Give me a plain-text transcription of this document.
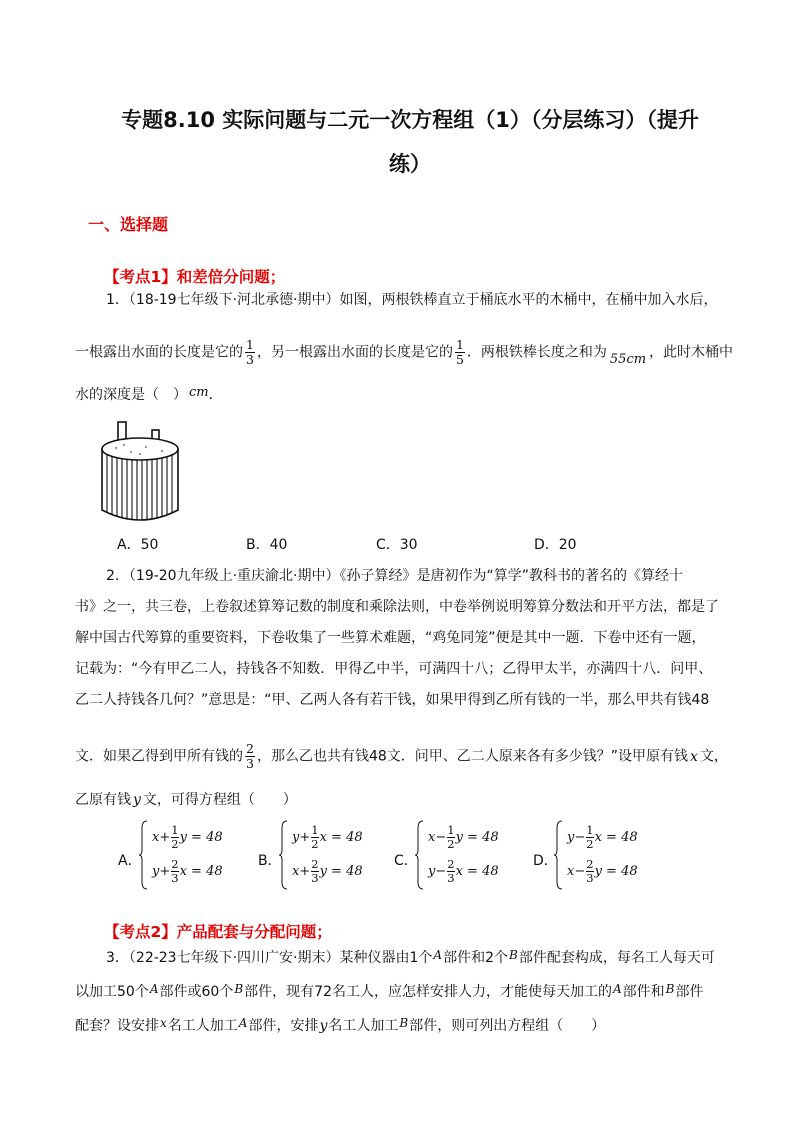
专题8.10 实际问题与二元一次方程组（1）（分层练习）（提升
练）
一、选择题
【考点1】和差倍分问题；
1．（18-19七年级下·河北承德·期中）如图，两根铁棒直立于桶底水平的木桶中，在桶中加入水后，
一根露出水面的长度是它的 $\frac{1}{3}$ ，另一根露出水面的长度是它的 $\frac{1}{5}$ ．两根铁棒长度之和为 55cm ，此时木桶中
水的深度是（　） cm．
A．50	B．40	C．30	D．20
2．（19-20九年级上·重庆渝北·期中）《孙子算经》是唐初作为“算学”教科书的著名的《算经十
书》之一，共三卷，上卷叙述算筹记数的制度和乘除法则，中卷举例说明筹算分数法和开平方法，都是了
解中国古代筹算的重要资料，下卷收集了一些算术难题，“鸡兔同笼”便是其中一题．下卷中还有一题，
记载为：“今有甲乙二人，持钱各不知数．甲得乙中半，可满四十八；乙得甲太半，亦满四十八．问甲、
乙二人持钱各几何？”意思是：“甲、乙两人各有若干钱，如果甲得到乙所有钱的一半，那么甲共有钱48
文．如果乙得到甲所有钱的 $\frac{2}{3}$ ，那么乙也共有钱48文．问甲、乙二人原来各有多少钱？”设甲原有钱 x 文，
乙原有钱 y 文，可得方程组（　　）
A．
$x+ \frac{1}{2}$ y = 48
$y+ \frac{2}{3}$ x = 48
B．
$y+ \frac{1}{2}$ x = 48
$x+ \frac{2}{3}$ y = 48
C．
$x- \frac{1}{2}$ y = 48
$y- \frac{2}{3}$ x = 48
D．
$y- \frac{1}{2}$ x = 48
$x- \frac{2}{3}$ y = 48
【考点2】产品配套与分配问题；
3．（22-23七年级下·四川广安·期末）某种仪器由1个A部件和2个B部件配套构成，每名工人每天可
以加工50个A部件或60个B部件，现有72名工人，应怎样安排人力，才能使每天加工的A部件和B部件
配套？设安排x名工人加工A部件，安排y名工人加工B部件，则可列出方程组（　　）
